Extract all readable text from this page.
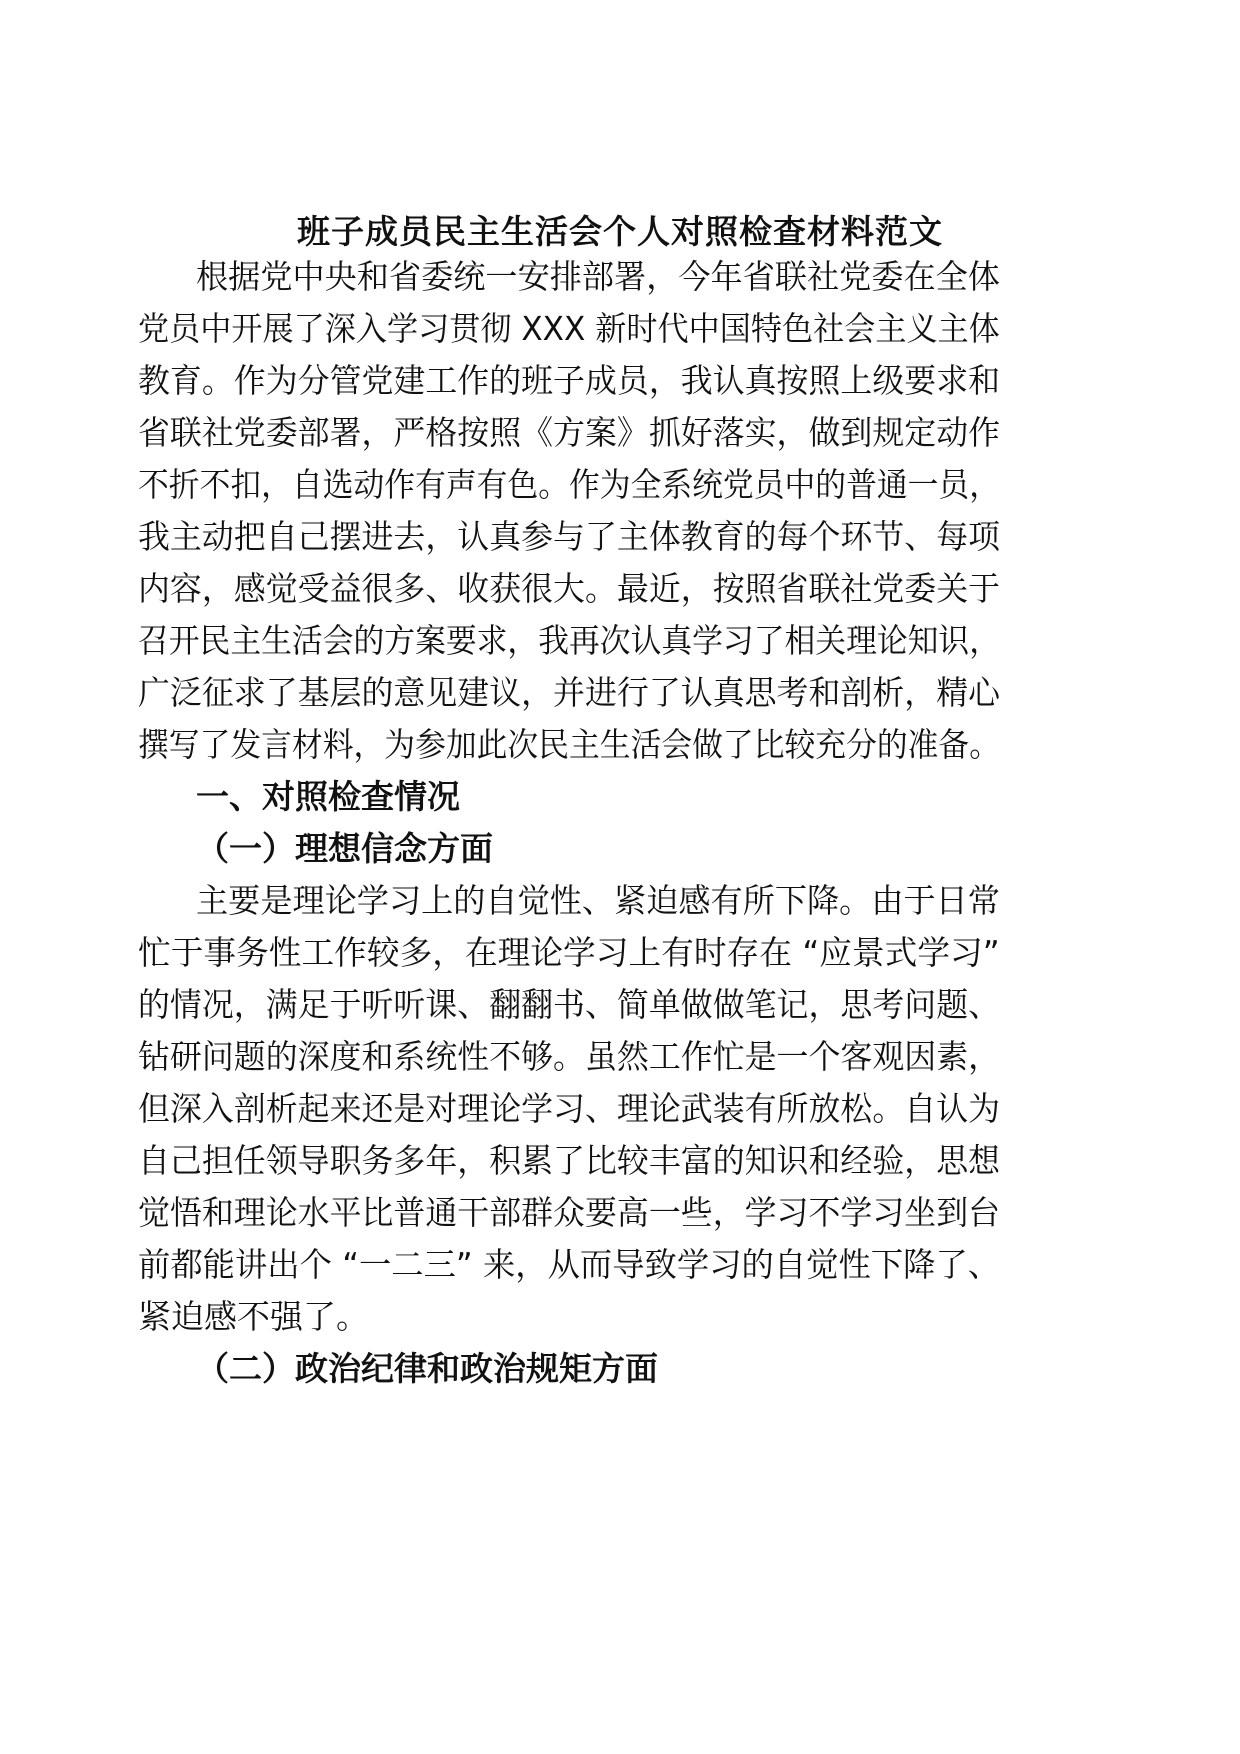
班子成员民主生活会个人对照检查材料范文
根据党中央和省委统一安排部署，今年省联社党委在全体
党员中开展了深入学习贯彻 XXX 新时代中国特色社会主义主体
教育。作为分管党建工作的班子成员，我认真按照上级要求和
省联社党委部署，严格按照《方案》抓好落实，做到规定动作
不折不扣，自选动作有声有色。作为全系统党员中的普通一员，
我主动把自己摆进去，认真参与了主体教育的每个环节、每项
内容，感觉受益很多、收获很大。最近，按照省联社党委关于
召开民主生活会的方案要求，我再次认真学习了相关理论知识，
广泛征求了基层的意见建议，并进行了认真思考和剖析，精心
撰写了发言材料，为参加此次民主生活会做了比较充分的准备。
一、对照检查情况
（一）理想信念方面
主要是理论学习上的自觉性、紧迫感有所下降。由于日常
忙于事务性工作较多，在理论学习上有时存在 “应景式学习”
的情况，满足于听听课、翻翻书、简单做做笔记，思考问题、
钻研问题的深度和系统性不够。虽然工作忙是一个客观因素，
但深入剖析起来还是对理论学习、理论武装有所放松。自认为
自己担任领导职务多年，积累了比较丰富的知识和经验，思想
觉悟和理论水平比普通干部群众要高一些，学习不学习坐到台
前都能讲出个 “一二三” 来，从而导致学习的自觉性下降了、
紧迫感不强了。
（二）政治纪律和政治规矩方面
